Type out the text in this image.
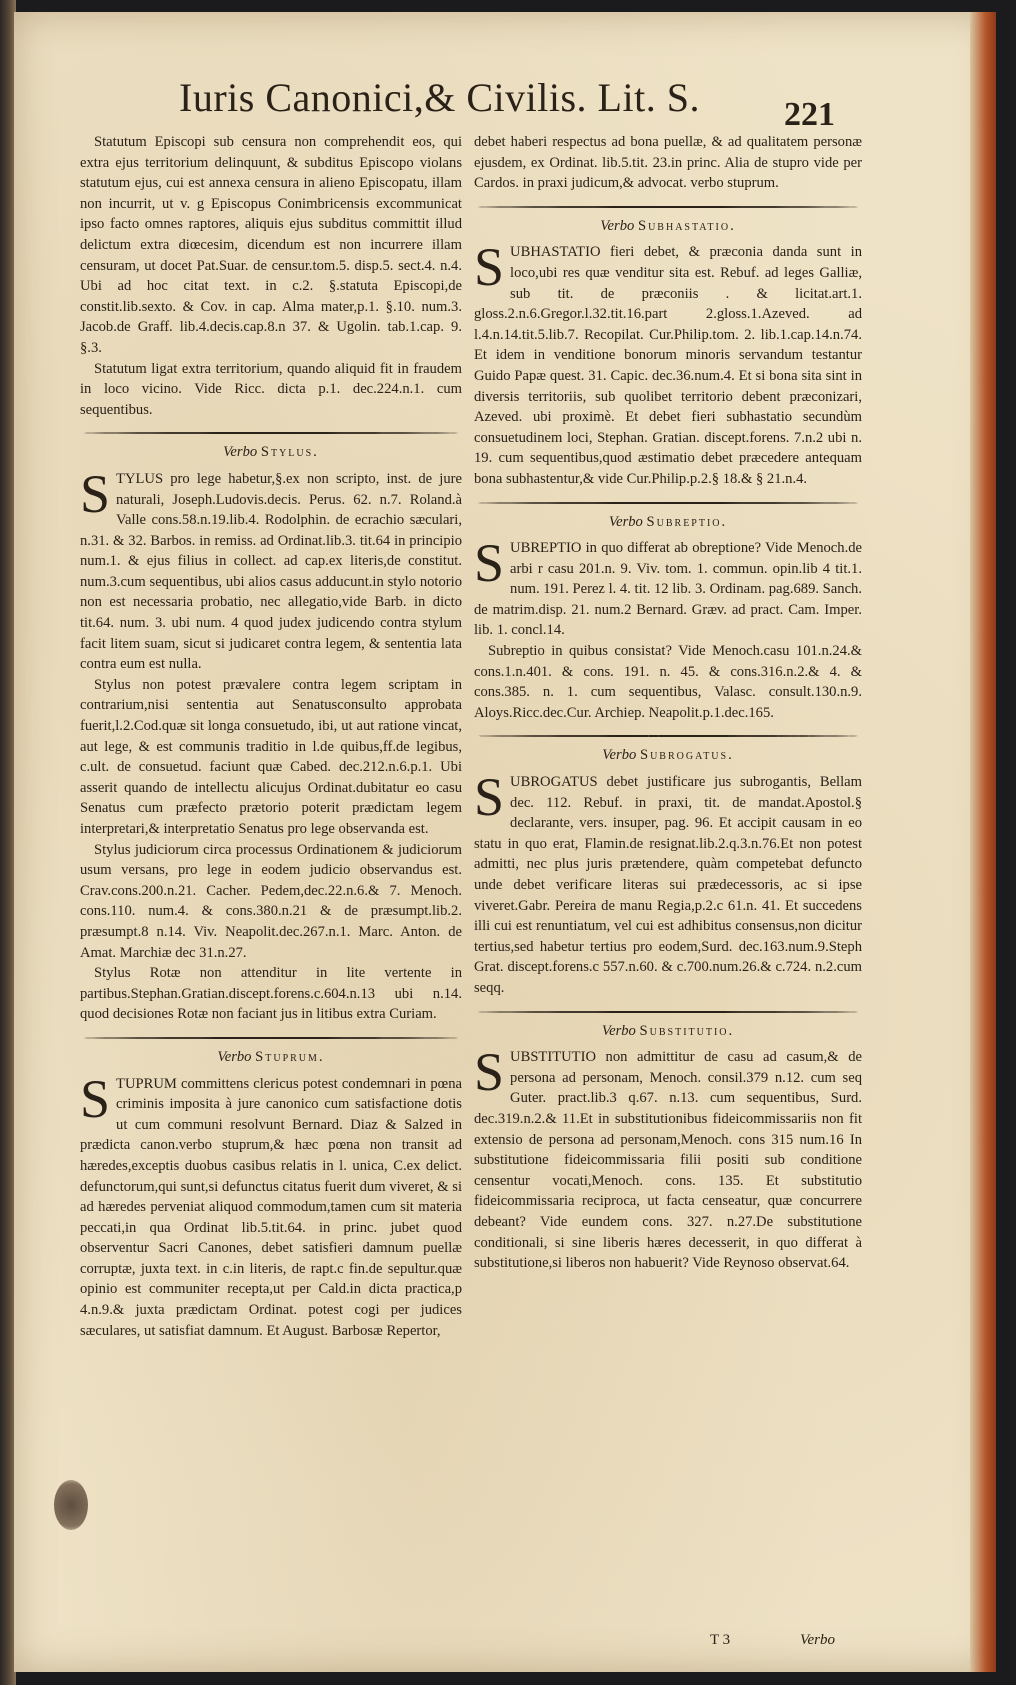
Iuris Canonici,& Civilis. Lit. S. 221

Statutum Episcopi sub censura non comprehendit eos, qui extra ejus territorium delinquunt, & subditus Episcopo violans statutum ejus, cui est annexa censura in alieno Episcopatu, illam non incurrit, ut v. g Episcopus Conimbricensis excommunicat ipso facto omnes raptores, aliquis ejus subditus committit illud delictum extra diœcesim, dicendum est non incurrere illam censuram, ut docet Pat.Suar. de censur.tom.5. disp.5. sect.4. n.4. Ubi ad hoc citat text. in c.2. §.statuta Episcopi,de constit.lib.sexto. & Cov. in cap. Alma mater,p.1. §.10. num.3. Jacob.de Graff. lib.4.decis.cap.8.n 37. & Ugolin. tab.1.cap. 9. §.3.

Statutum ligat extra territorium, quando aliquid fit in fraudem in loco vicino. Vide Ricc. dicta p.1. dec.224.n.1. cum sequentibus.

Verbo Stylus.

STYLUS pro lege habetur,§.ex non scripto, inst. de jure naturali, Joseph.Ludovis.decis. Perus. 62. n.7. Roland.à Valle cons.58.n.19.lib.4. Rodolphin. de ecrachio sæculari, n.31. & 32. Barbos. in remiss. ad Ordinat.lib.3. tit.64 in principio num.1. & ejus filius in collect. ad cap.ex literis,de constitut. num.3.cum sequentibus, ubi alios casus adducunt.in stylo notorio non est necessaria probatio, nec allegatio,vide Barb. in dicto tit.64. num. 3. ubi num. 4 quod judex judicendo contra stylum facit litem suam, sicut si judicaret contra legem, & sententia lata contra eum est nulla.

Stylus non potest prævalere contra legem scriptam in contrarium,nisi sententia aut Senatusconsulto approbata fuerit,l.2.Cod.quæ sit longa consuetudo, ibi, ut aut ratione vincat, aut lege, & est communis traditio in l.de quibus,ff.de legibus, c.ult. de consuetud. faciunt quæ Cabed. dec.212.n.6.p.1. Ubi asserit quando de intellectu alicujus Ordinat.dubitatur eo casu Senatus cum præfecto prætorio poterit prædictam legem interpretari,& interpretatio Senatus pro lege observanda est.

Stylus judiciorum circa processus Ordinationem & judiciorum usum versans, pro lege in eodem judicio observandus est. Crav.cons.200.n.21. Cacher. Pedem,dec.22.n.6.& 7. Menoch. cons.110. num.4. & cons.380.n.21 & de præsumpt.lib.2. præsumpt.8 n.14. Viv. Neapolit.dec.267.n.1. Marc. Anton. de Amat. Marchiæ dec 31.n.27.

Stylus Rotæ non attenditur in lite vertente in partibus.Stephan.Gratian.discept.forens.c.604.n.13 ubi n.14. quod decisiones Rotæ non faciant jus in litibus extra Curiam.

Verbo Stuprum.

STUPRUM committens clericus potest condemnari in pœna criminis imposita à jure canonico cum satisfactione dotis ut cum communi resolvunt Bernard. Diaz & Salzed in prædicta canon.verbo stuprum,& hæc pœna non transit ad hæredes,exceptis duobus casibus relatis in l. unica, C.ex delict. defunctorum,qui sunt,si defunctus citatus fuerit dum viveret, & si ad hæredes perveniat aliquod commodum,tamen cum sit materia peccati,in qua Ordinat lib.5.tit.64. in princ. jubet quod observentur Sacri Canones, debet satisfieri damnum puellæ corruptæ, juxta text. in c.in literis, de rapt.c fin.de sepultur.quæ opinio est communiter recepta,ut per Cald.in dicta practica,p 4.n.9.& juxta prædictam Ordinat. potest cogi per judices sæculares, ut satisfiat damnum. Et August. Barbosæ Repertor,

debet haberi respectus ad bona puellæ, & ad qualitatem personæ ejusdem, ex Ordinat. lib.5.tit. 23.in princ. Alia de stupro vide per Cardos. in praxi judicum,& advocat. verbo stuprum.

Verbo Subhastatio.

SUBHASTATIO fieri debet, & præconia danda sunt in loco,ubi res quæ venditur sita est. Rebuf. ad leges Galliæ, sub tit. de præconiis . & licitat.art.1. gloss.2.n.6.Gregor.l.32.tit.16.part 2.gloss.1.Azeved. ad l.4.n.14.tit.5.lib.7. Recopilat. Cur.Philip.tom. 2. lib.1.cap.14.n.74. Et idem in venditione bonorum minoris servandum testantur Guido Papæ quest. 31. Capic. dec.36.num.4. Et si bona sita sint in diversis territoriis, sub quolibet territorio debent præconizari, Azeved. ubi proximè. Et debet fieri subhastatio secundùm consuetudinem loci, Stephan. Gratian. discept.forens. 7.n.2 ubi n. 19. cum sequentibus,quod æstimatio debet præcedere antequam bona subhastentur,& vide Cur.Philip.p.2.§ 18.& § 21.n.4.

Verbo Subreptio.

SUBREPTIO in quo differat ab obreptione? Vide Menoch.de arbi r casu 201.n. 9. Viv. tom. 1. commun. opin.lib 4 tit.1. num. 191. Perez l. 4. tit. 12 lib. 3. Ordinam. pag.689. Sanch. de matrim.disp. 21. num.2 Bernard. Græv. ad pract. Cam. Imper. lib. 1. concl.14.

Subreptio in quibus consistat? Vide Menoch.casu 101.n.24.& cons.1.n.401. & cons. 191. n. 45. & cons.316.n.2.& 4. & cons.385. n. 1. cum sequentibus, Valasc. consult.130.n.9. Aloys.Ricc.dec.Cur. Archiep. Neapolit.p.1.dec.165.

Verbo Subrogatus.

SUBROGATUS debet justificare jus subrogantis, Bellam dec. 112. Rebuf. in praxi, tit. de mandat.Apostol.§ declarante, vers. insuper, pag. 96. Et accipit causam in eo statu in quo erat, Flamin.de resignat.lib.2.q.3.n.76.Et non potest admitti, nec plus juris prætendere, quàm competebat defuncto unde debet verificare literas sui prædecessoris, ac si ipse viveret.Gabr. Pereira de manu Regia,p.2.c 61.n. 41. Et succedens illi cui est renuntiatum, vel cui est adhibitus consensus,non dicitur tertius,sed habetur tertius pro eodem,Surd. dec.163.num.9.Steph Grat. discept.forens.c 557.n.60. & c.700.num.26.& c.724. n.2.cum seqq.

Verbo Substitutio.

SUBSTITUTIO non admittitur de casu ad casum,& de persona ad personam, Menoch. consil.379 n.12. cum seq Guter. pract.lib.3 q.67. n.13. cum sequentibus, Surd. dec.319.n.2.& 11.Et in substitutionibus fideicommissariis non fit extensio de persona ad personam,Menoch. cons 315 num.16 In substitutione fideicommissaria filii positi sub conditione censentur vocati,Menoch. cons. 135. Et substitutio fideicommissaria reciproca, ut facta censeatur, quæ concurrere debeant? Vide eundem cons. 327. n.27.De substitutione conditionali, si sine liberis hæres decesserit, in quo differat à substitutione,si liberos non habuerit? Vide Reynoso observat.64.

T 3	Verbo
